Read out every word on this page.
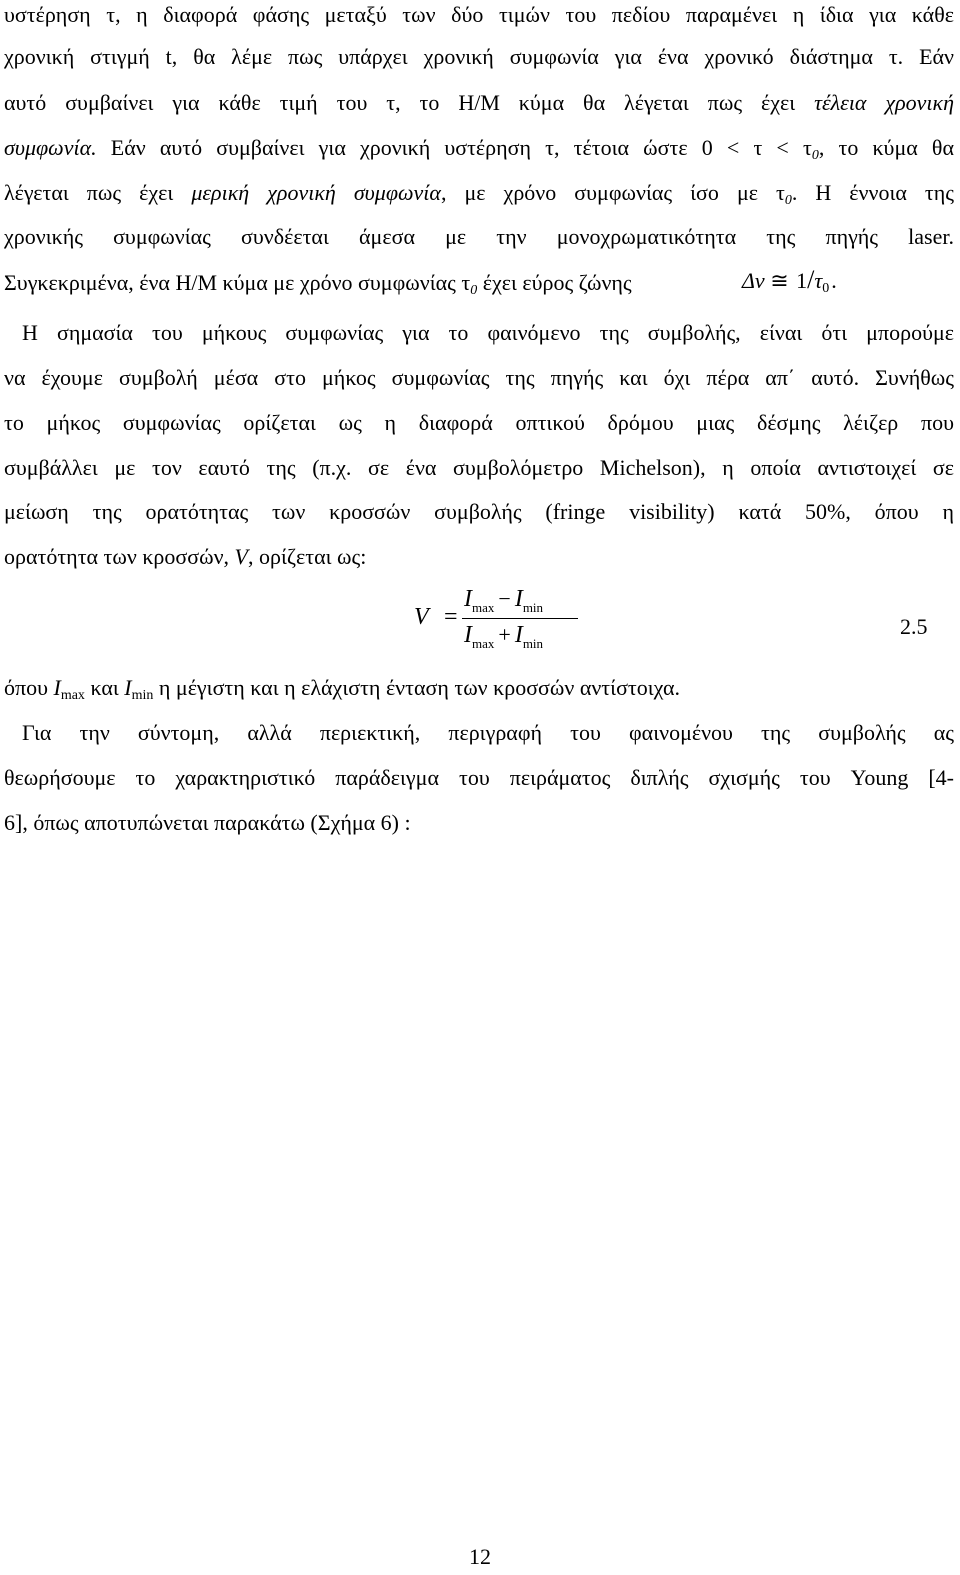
υστέρηση τ, η διαφορά φάσης μεταξύ των δύο τιμών του πεδίου παραμένει η ίδια για κάθε
χρονική στιγμή t, θα λέμε πως υπάρχει χρονική συμφωνία για ένα χρονικό διάστημα τ. Εάν
αυτό συμβαίνει για κάθε τιμή του τ, το Η/Μ κύμα θα λέγεται πως έχει τέλεια χρονική
συμφωνία. Εάν αυτό συμβαίνει για χρονική υστέρηση τ, τέτοια ώστε 0 < τ < τ0, το κύμα θα
λέγεται πως έχει μερική χρονική συμφωνία, με χρόνο συμφωνίας ίσο με τ0. Η έννοια της
χρονικής συμφωνίας συνδέεται άμεσα με την μονοχρωματικότητα της πηγής laser.
Συγκεκριμένα, ένα Η/Μ κύμα με χρόνο συμφωνίας τ0 έχει εύρος ζώνης	Δν ≅ 1/τ0.
Η σημασία του μήκους συμφωνίας για το φαινόμενο της συμβολής, είναι ότι μπορούμε
να έχουμε συμβολή μέσα στο μήκος συμφωνίας της πηγής και όχι πέρα απ΄ αυτό. Συνήθως
το μήκος συμφωνίας ορίζεται ως η διαφορά οπτικού δρόμου μιας δέσμης λέιζερ που
συμβάλλει με τον εαυτό της (π.χ. σε ένα συμβολόμετρο Michelson), η οποία αντιστοιχεί σε
μείωση της ορατότητας των κροσσών συμβολής (fringe visibility) κατά 50%, όπου η
ορατότητα των κροσσών, V, ορίζεται ως:
V =
$I_{max} - I_{min}$
$I_{max} + I_{min}$
2.5
όπου Imax και Imin η μέγιστη και η ελάχιστη ένταση των κροσσών αντίστοιχα.
Για την σύντομη, αλλά περιεκτική, περιγραφή του φαινομένου της συμβολής ας
θεωρήσουμε το χαρακτηριστικό παράδειγμα του πειράματος διπλής σχισμής του Young [4-
6], όπως αποτυπώνεται παρακάτω (Σχήμα 6) :
12
